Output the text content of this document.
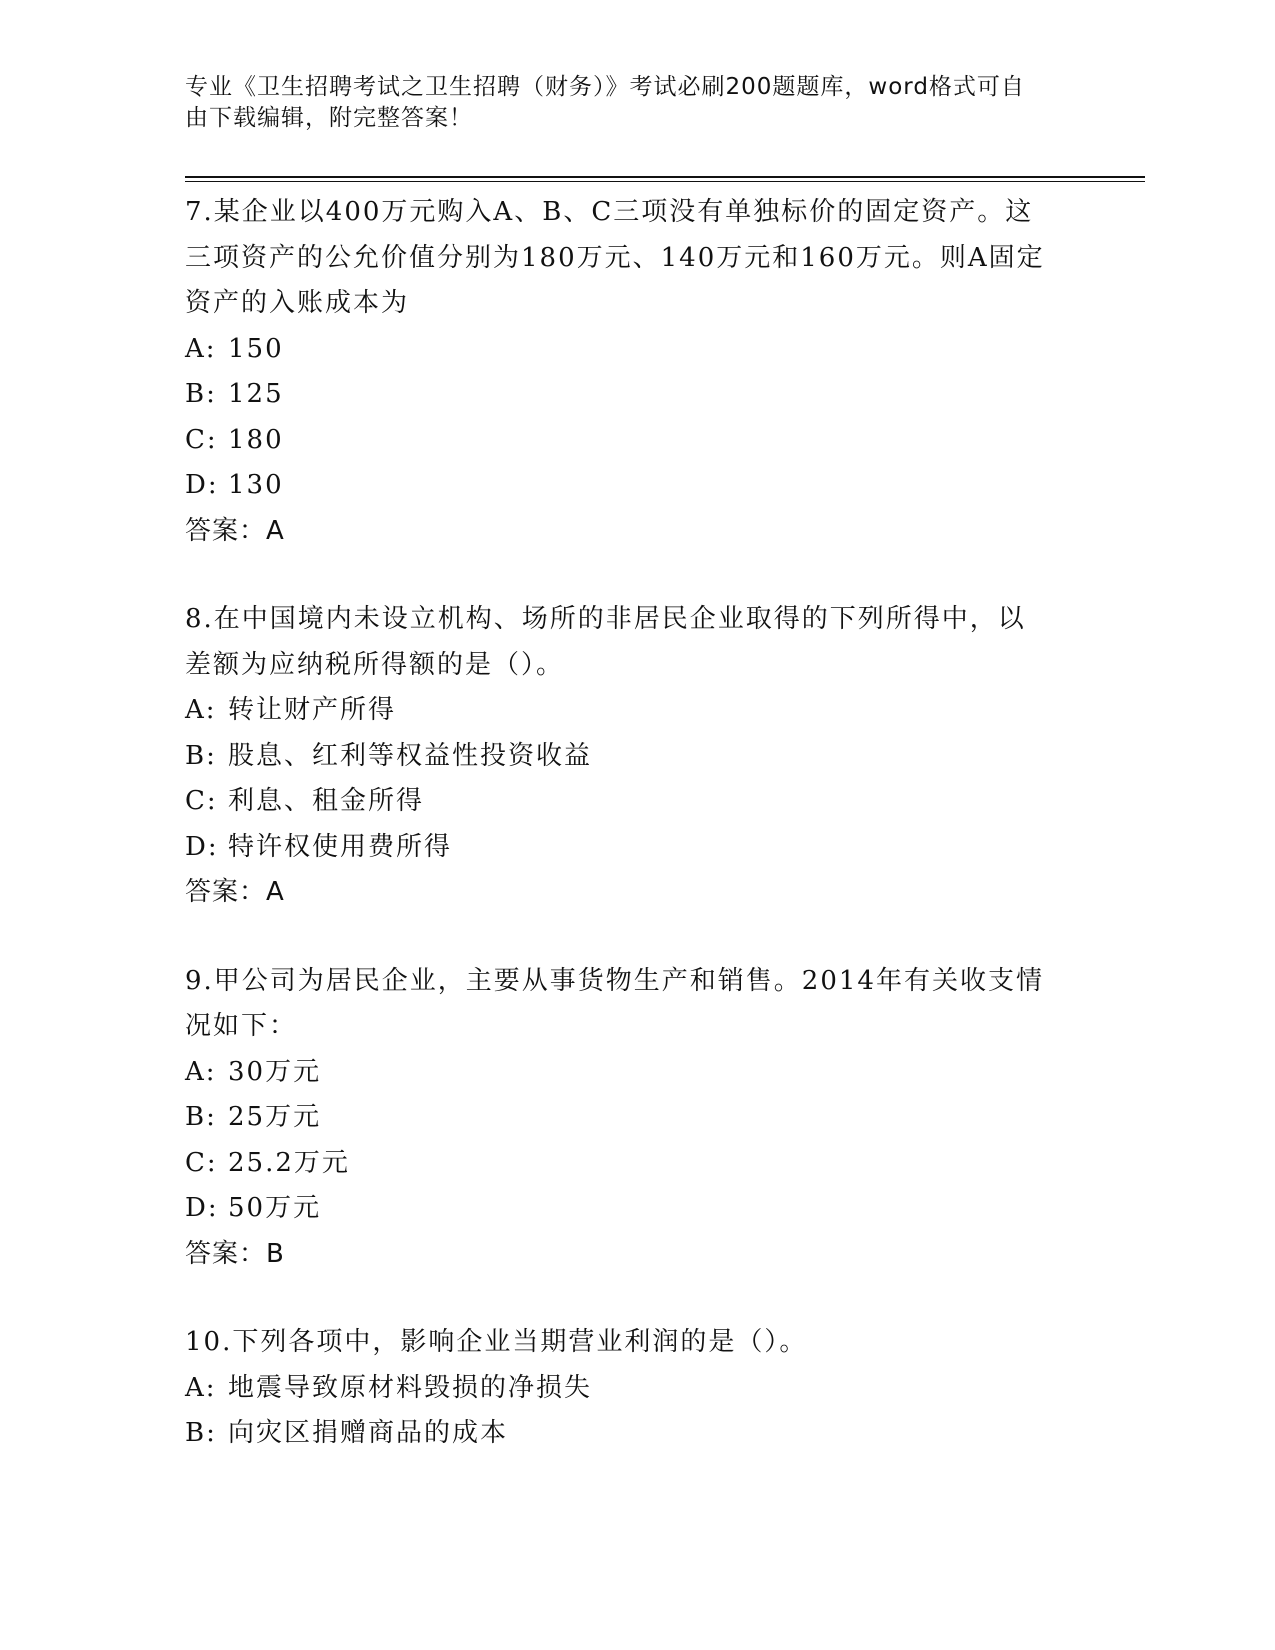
专业《卫生招聘考试之卫生招聘（财务）》考试必刷200题题库，word格式可自
由下载编辑，附完整答案！
7.某企业以400万元购入A、B、C三项没有单独标价的固定资产。这
三项资产的公允价值分别为180万元、140万元和160万元。则A固定
资产的入账成本为
A: 150
B: 125
C: 180
D: 130
答案：A
8.在中国境内未设立机构、场所的非居民企业取得的下列所得中，以
差额为应纳税所得额的是（）。
A: 转让财产所得
B: 股息、红利等权益性投资收益
C: 利息、租金所得
D: 特许权使用费所得
答案：A
9.甲公司为居民企业，主要从事货物生产和销售。2014年有关收支情
况如下：
A: 30万元
B: 25万元
C: 25.2万元
D: 50万元
答案：B
10.下列各项中，影响企业当期营业利润的是（）。
A: 地震导致原材料毁损的净损失
B: 向灾区捐赠商品的成本
